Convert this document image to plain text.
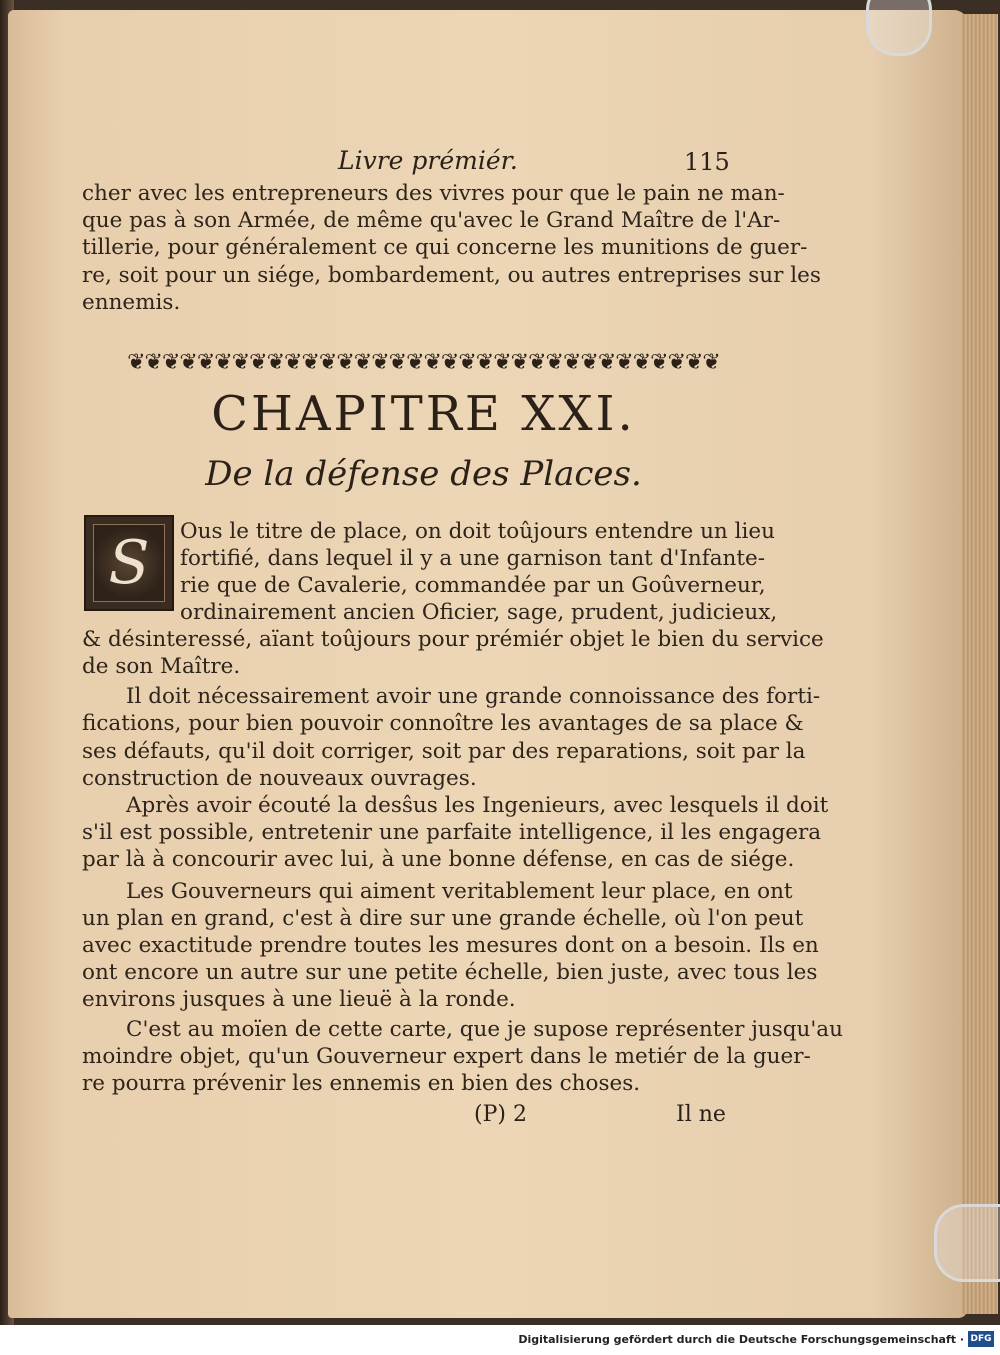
Livre prémiér.	115
cher avec les entrepreneurs des vivres pour que le pain ne man-
que pas à son Armée, de même qu'avec le Grand Maître de l'Ar-
tillerie, pour généralement ce qui concerne les munitions de guer-
re, soit pour un siége, bombardement, ou autres entreprises sur les
ennemis.
❦❦❦❦❦❦❦❦❦❦❦❦❦❦❦❦❦❦❦❦❦❦❦❦❦❦❦❦❦❦❦❦❦❦
CHAPITRE XXI.
De la défense des Places.
S	Ous le titre de place, on doit toûjours entendre un lieu
fortifié, dans lequel il y a une garnison tant d'Infante-
rie que de Cavalerie, commandée par un Goûverneur,
ordinairement ancien Oficier, sage, prudent, judicieux,
& désinteressé, aïant toûjours pour prémiér objet le bien du service
de son Maître.
Il doit nécessairement avoir une grande connoissance des forti-
fications, pour bien pouvoir connoître les avantages de sa place &
ses défauts, qu'il doit corriger, soit par des reparations, soit par la
construction de nouveaux ouvrages.
Après avoir écouté la desŝus les Ingenieurs, avec lesquels il doit
s'il est possible, entretenir une parfaite intelligence, il les engagera
par là à concourir avec lui, à une bonne défense, en cas de siége.
Les Gouverneurs qui aiment veritablement leur place, en ont
un plan en grand, c'est à dire sur une grande échelle, où l'on peut
avec exactitude prendre toutes les mesures dont on a besoin. Ils en
ont encore un autre sur une petite échelle, bien juste, avec tous les
environs jusques à une lieuë à la ronde.
C'est au moïen de cette carte, que je supose représenter jusqu'au
moindre objet, qu'un Gouverneur expert dans le metiér de la guer-
re pourra prévenir les ennemis en bien des choses.
(P) 2	Il ne
Digitalisierung gefördert durch die Deutsche Forschungsgemeinschaft · DFG
